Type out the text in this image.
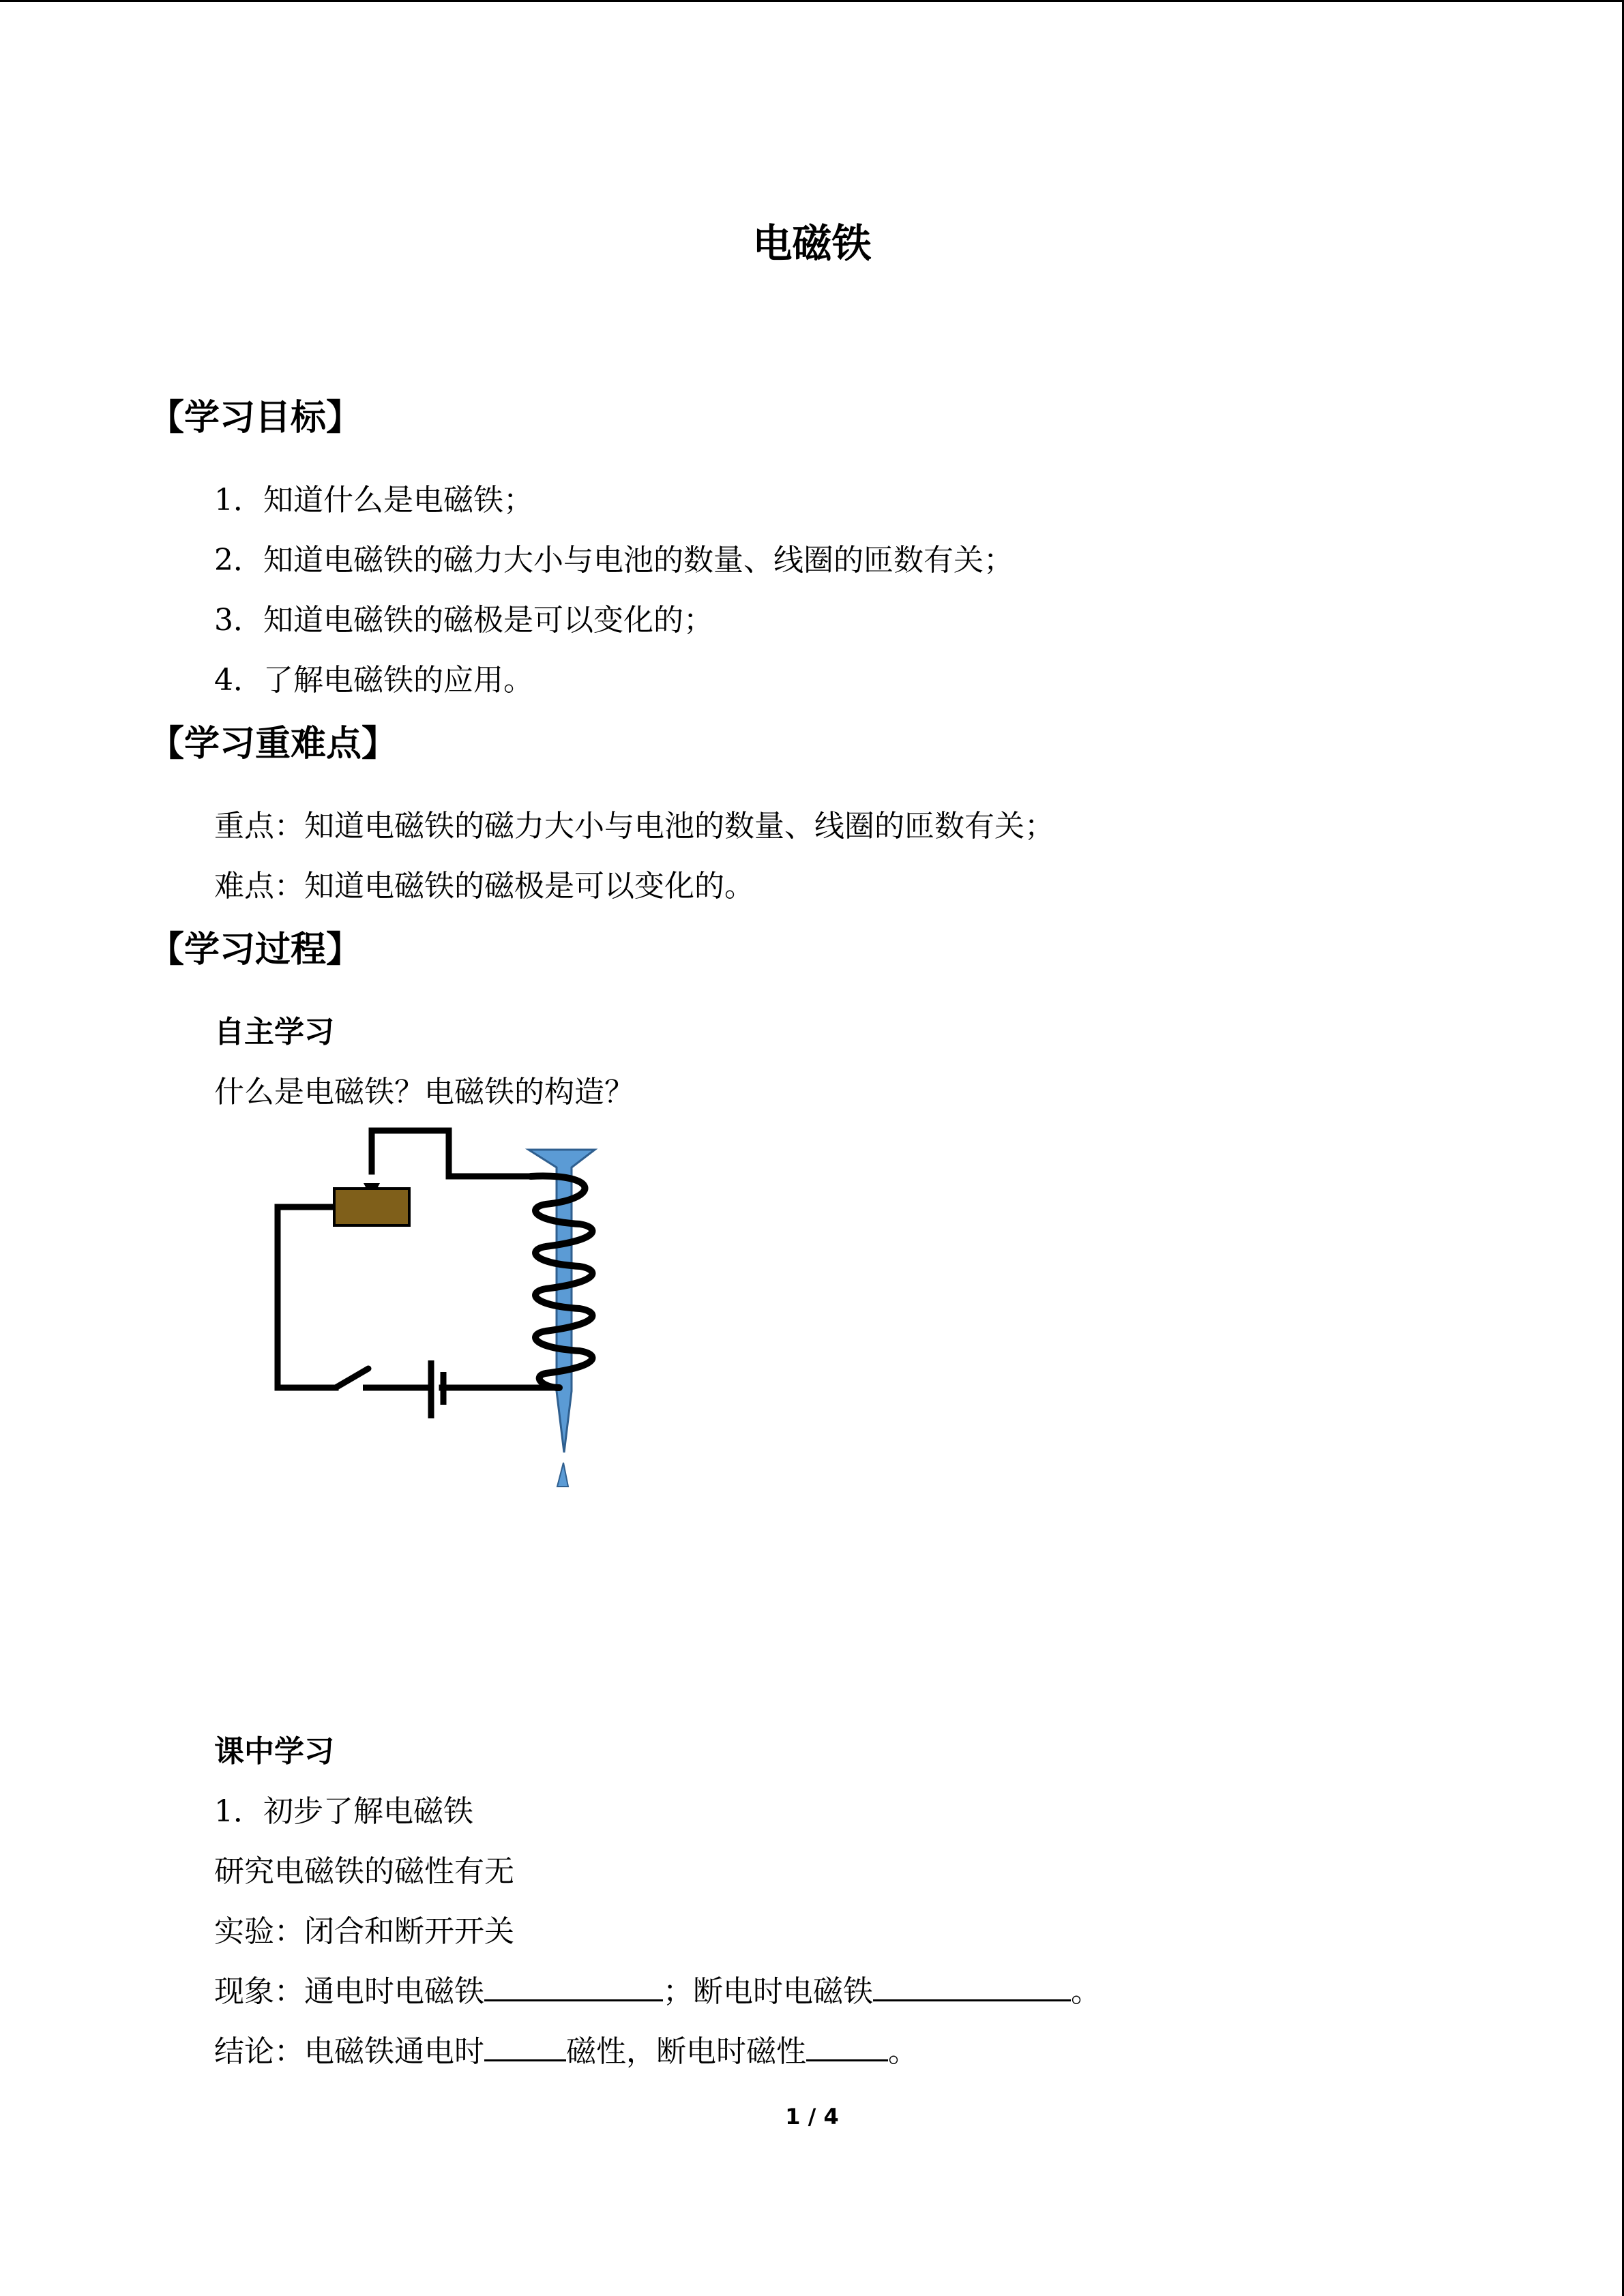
电磁铁
【学习目标】
1．知道什么是电磁铁；
2．知道电磁铁的磁力大小与电池的数量、线圈的匝数有关；
3．知道电磁铁的磁极是可以变化的；
4．了解电磁铁的应用。
【学习重难点】
重点：知道电磁铁的磁力大小与电池的数量、线圈的匝数有关；
难点：知道电磁铁的磁极是可以变化的。
【学习过程】
自主学习
什么是电磁铁？电磁铁的构造？
课中学习
1．初步了解电磁铁
研究电磁铁的磁性有无
实验：闭合和断开开关
现象：通电时电磁铁	；断电时电磁铁	。
结论：电磁铁通电时	磁性，断电时磁性	。
1 / 4
